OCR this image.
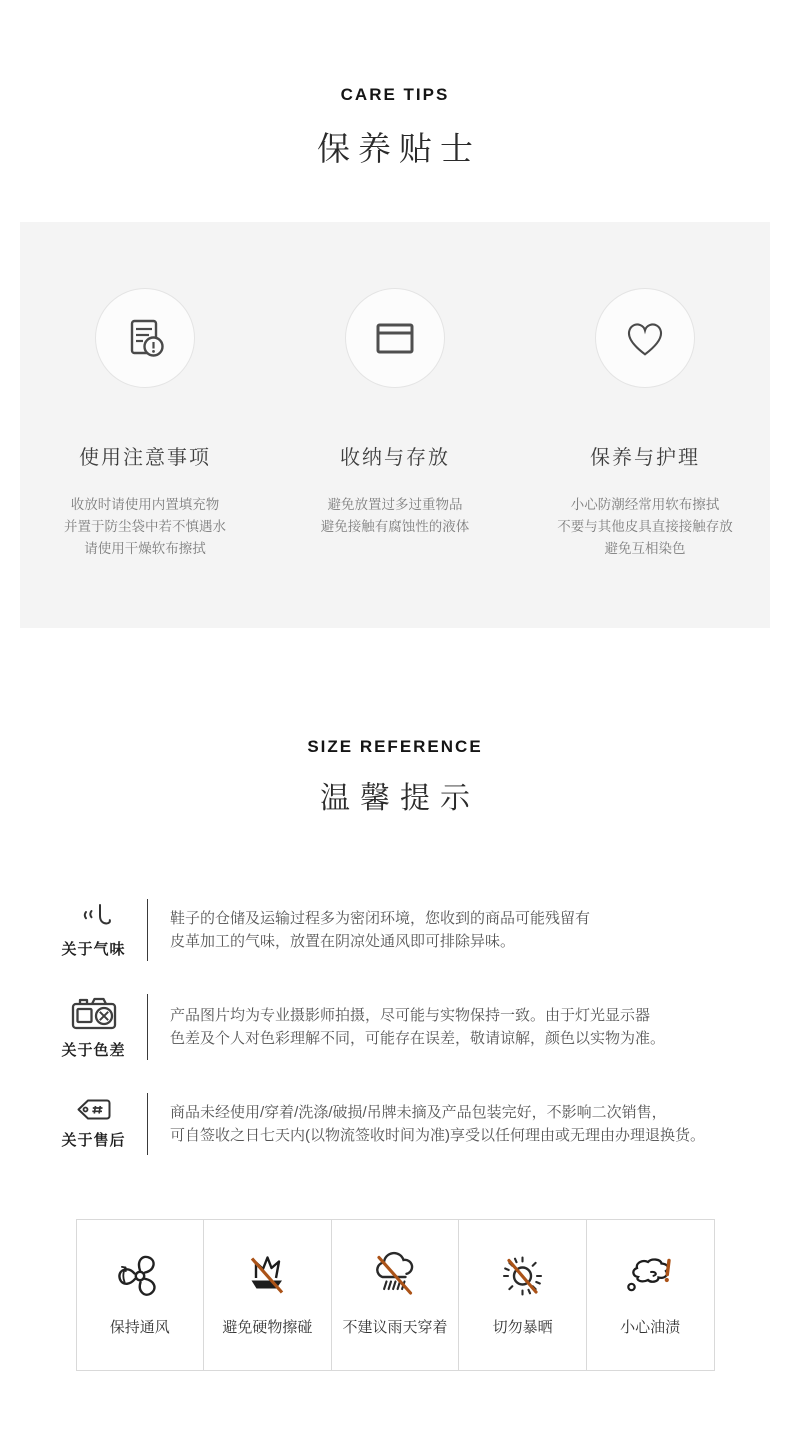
CARE TIPS
保养贴士
使用注意事项
收放时请使用内置填充物
并置于防尘袋中若不慎遇水
请使用干燥软布擦拭
收纳与存放
避免放置过多过重物品
避免接触有腐蚀性的液体
保养与护理
小心防潮经常用软布擦拭
不要与其他皮具直接接触存放
避免互相染色
SIZE REFERENCE
温馨提示
关于气味
鞋子的仓储及运输过程多为密闭环境，您收到的商品可能残留有
皮革加工的气味，放置在阴凉处通风即可排除异味。
关于色差
产品图片均为专业摄影师拍摄，尽可能与实物保持一致。由于灯光显示器
色差及个人对色彩理解不同，可能存在误差，敬请谅解，颜色以实物为准。
关于售后
商品未经使用/穿着/洗涤/破损/吊牌未摘及产品包装完好，不影响二次销售，
可自签收之日七天内(以物流签收时间为准)享受以任何理由或无理由办理退换货。
保持通风	避免硬物擦碰 不建议雨天穿着	切勿暴晒	小心油渍
